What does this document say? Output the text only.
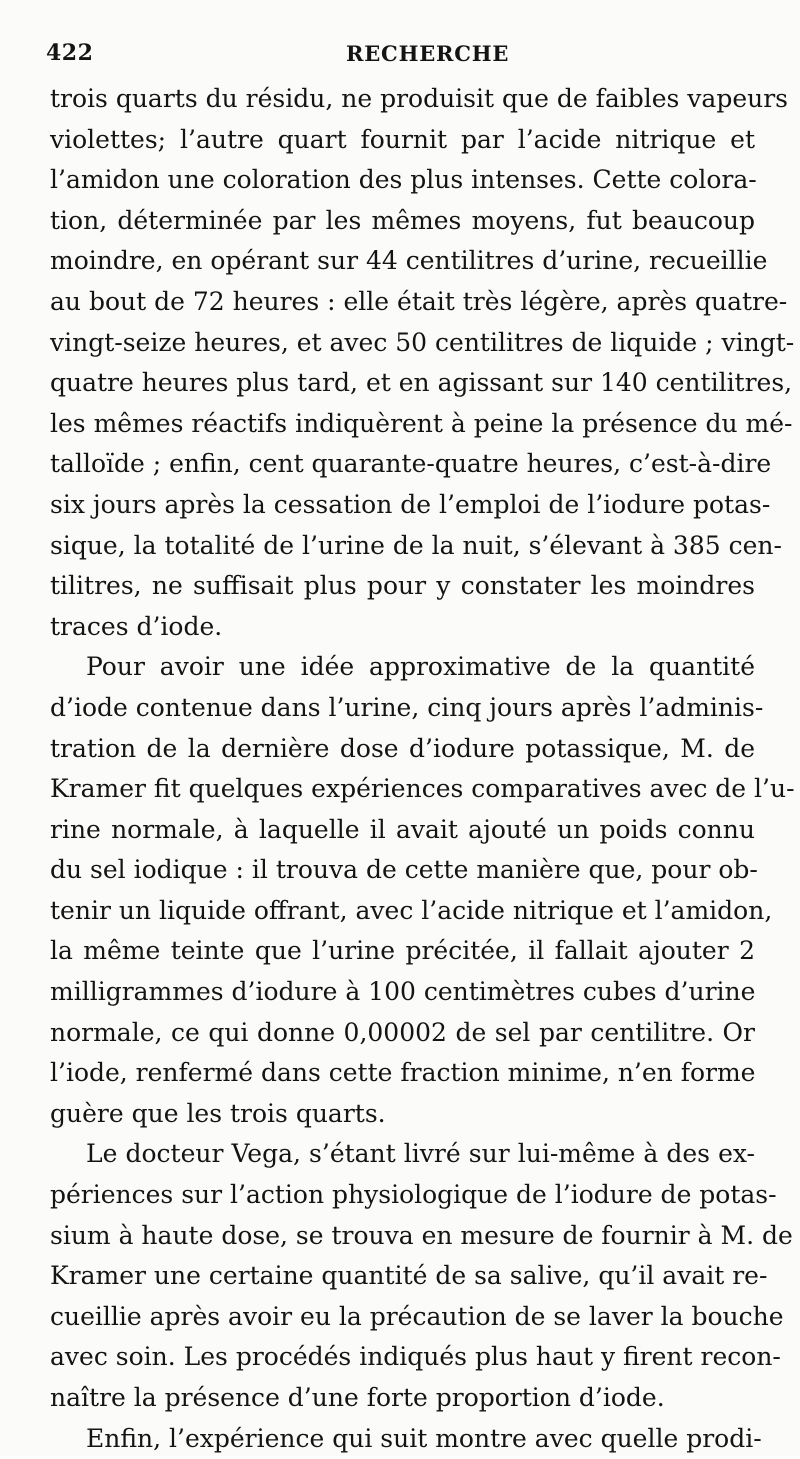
422	RECHERCHE
trois quarts du résidu, ne produisit que de faibles vapeurs
violettes; l’autre quart fournit par l’acide nitrique et
l’amidon une coloration des plus intenses. Cette colora-
tion, déterminée par les mêmes moyens, fut beaucoup
moindre, en opérant sur 44 centilitres d’urine, recueillie
au bout de 72 heures : elle était très légère, après quatre-
vingt-seize heures, et avec 50 centilitres de liquide ; vingt-
quatre heures plus tard, et en agissant sur 140 centilitres,
les mêmes réactifs indiquèrent à peine la présence du mé-
talloïde ; enfin, cent quarante-quatre heures, c’est-à-dire
six jours après la cessation de l’emploi de l’iodure potas-
sique, la totalité de l’urine de la nuit, s’élevant à 385 cen-
tilitres, ne suffisait plus pour y constater les moindres
traces d’iode.
Pour avoir une idée approximative de la quantité
d’iode contenue dans l’urine, cinq jours après l’adminis-
tration de la dernière dose d’iodure potassique, M. de
Kramer fit quelques expériences comparatives avec de l’u-
rine normale, à laquelle il avait ajouté un poids connu
du sel iodique : il trouva de cette manière que, pour ob-
tenir un liquide offrant, avec l’acide nitrique et l’amidon,
la même teinte que l’urine précitée, il fallait ajouter 2
milligrammes d’iodure à 100 centimètres cubes d’urine
normale, ce qui donne 0,00002 de sel par centilitre. Or
l’iode, renfermé dans cette fraction minime, n’en forme
guère que les trois quarts.
Le docteur Vega, s’étant livré sur lui-même à des ex-
périences sur l’action physiologique de l’iodure de potas-
sium à haute dose, se trouva en mesure de fournir à M. de
Kramer une certaine quantité de sa salive, qu’il avait re-
cueillie après avoir eu la précaution de se laver la bouche
avec soin. Les procédés indiqués plus haut y firent recon-
naître la présence d’une forte proportion d’iode.
Enfin, l’expérience qui suit montre avec quelle prodi-
